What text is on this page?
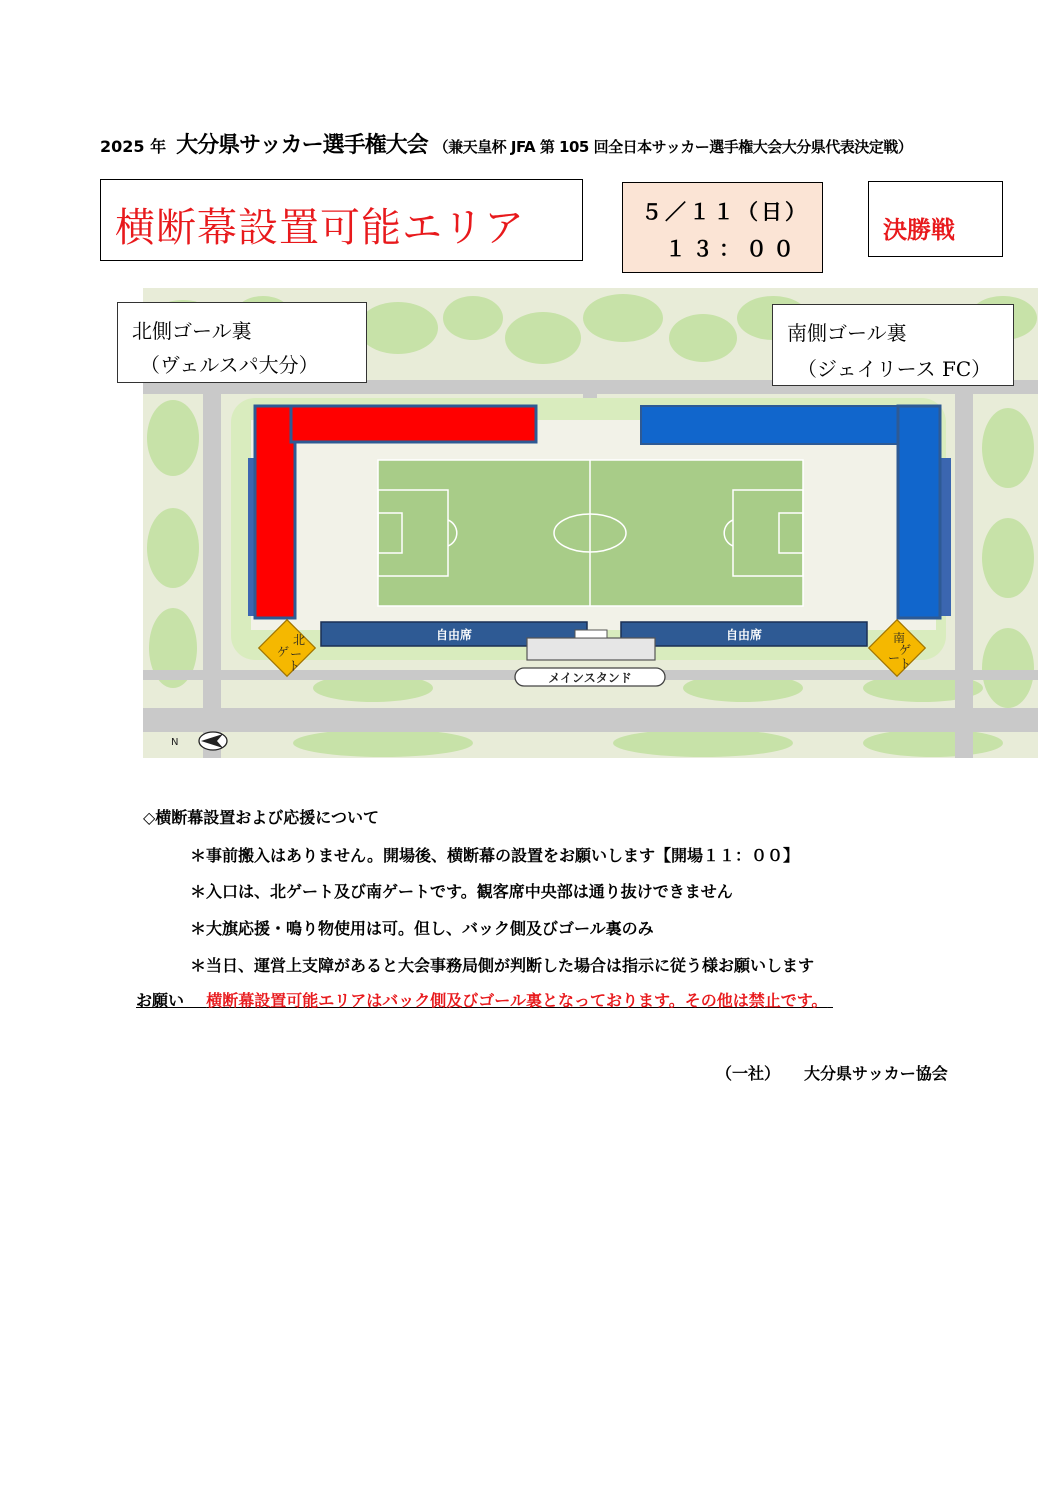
2025 年 大分県サッカー選手権大会 （兼天皇杯 JFA 第 105 回全日本サッカー選手権大会大分県代表決定戦）
横断幕設置可能エリア	５／１１（日）
１３：００
決勝戦
自由席	自由席
メインスタンド
北
ゲ ー
ト
南
ゲ
ー
ト
N
北側ゴール裏
（ヴェルスパ大分）
南側ゴール裏
（ジェイリース FC）
◇横断幕設置および応援について
＊事前搬入はありません。開場後、横断幕の設置をお願いします【開場１１：００】
＊入口は、北ゲート及び南ゲートです。観客席中央部は通り抜けできません
＊大旗応援・鳴り物使用は可。但し、バック側及びゴール裏のみ
＊当日、運営上支障があると大会事務局側が判断した場合は指示に従う様お願いします
お願い 横断幕設置可能エリアはバック側及びゴール裏となっております。その他は禁止です。
（一社） 大分県サッカー協会
